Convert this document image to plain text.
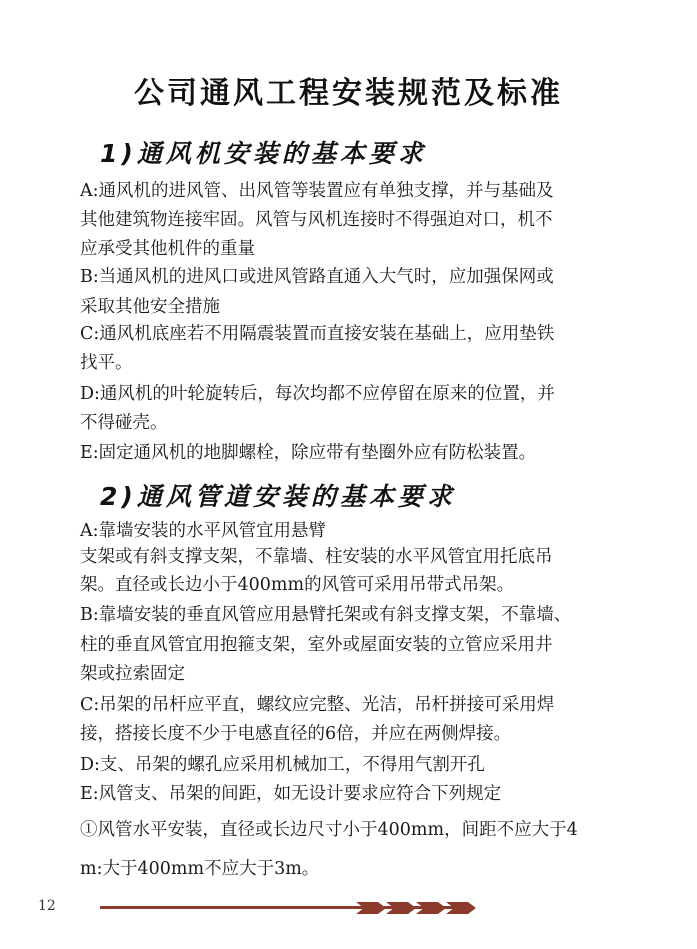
公司通风工程安装规范及标准
1)通风机安装的基本要求
A:通风机的进风管、出风管等装置应有单独支撑，并与基础及
其他建筑物连接牢固。风管与风机连接时不得强迫对口，机不
应承受其他机件的重量
B:当通风机的进风口或进风管路直通入大气时，应加强保网或
采取其他安全措施
C:通风机底座若不用隔震装置而直接安装在基础上，应用垫铁
找平。
D:通风机的叶轮旋转后，每次均都不应停留在原来的位置，并
不得碰壳。
E:固定通风机的地脚螺栓，除应带有垫圈外应有防松装置。
2)通风管道安装的基本要求
A:靠墙安装的水平风管宜用悬臂
支架或有斜支撑支架，不靠墙、柱安装的水平风管宜用托底吊
架。直径或长边小于400mm的风管可采用吊带式吊架。
B:靠墙安装的垂直风管应用悬臂托架或有斜支撑支架，不靠墙、
柱的垂直风管宜用抱箍支架，室外或屋面安装的立管应采用井
架或拉索固定
C:吊架的吊杆应平直，螺纹应完整、光洁，吊杆拼接可采用焊
接，搭接长度不少于电感直径的6倍，并应在两侧焊接。
D:支、吊架的螺孔应采用机械加工，不得用气割开孔
E:风管支、吊架的间距，如无设计要求应符合下列规定
①风管水平安装，直径或长边尺寸小于400mm，间距不应大于4
m:大于400mm不应大于3m。
12
